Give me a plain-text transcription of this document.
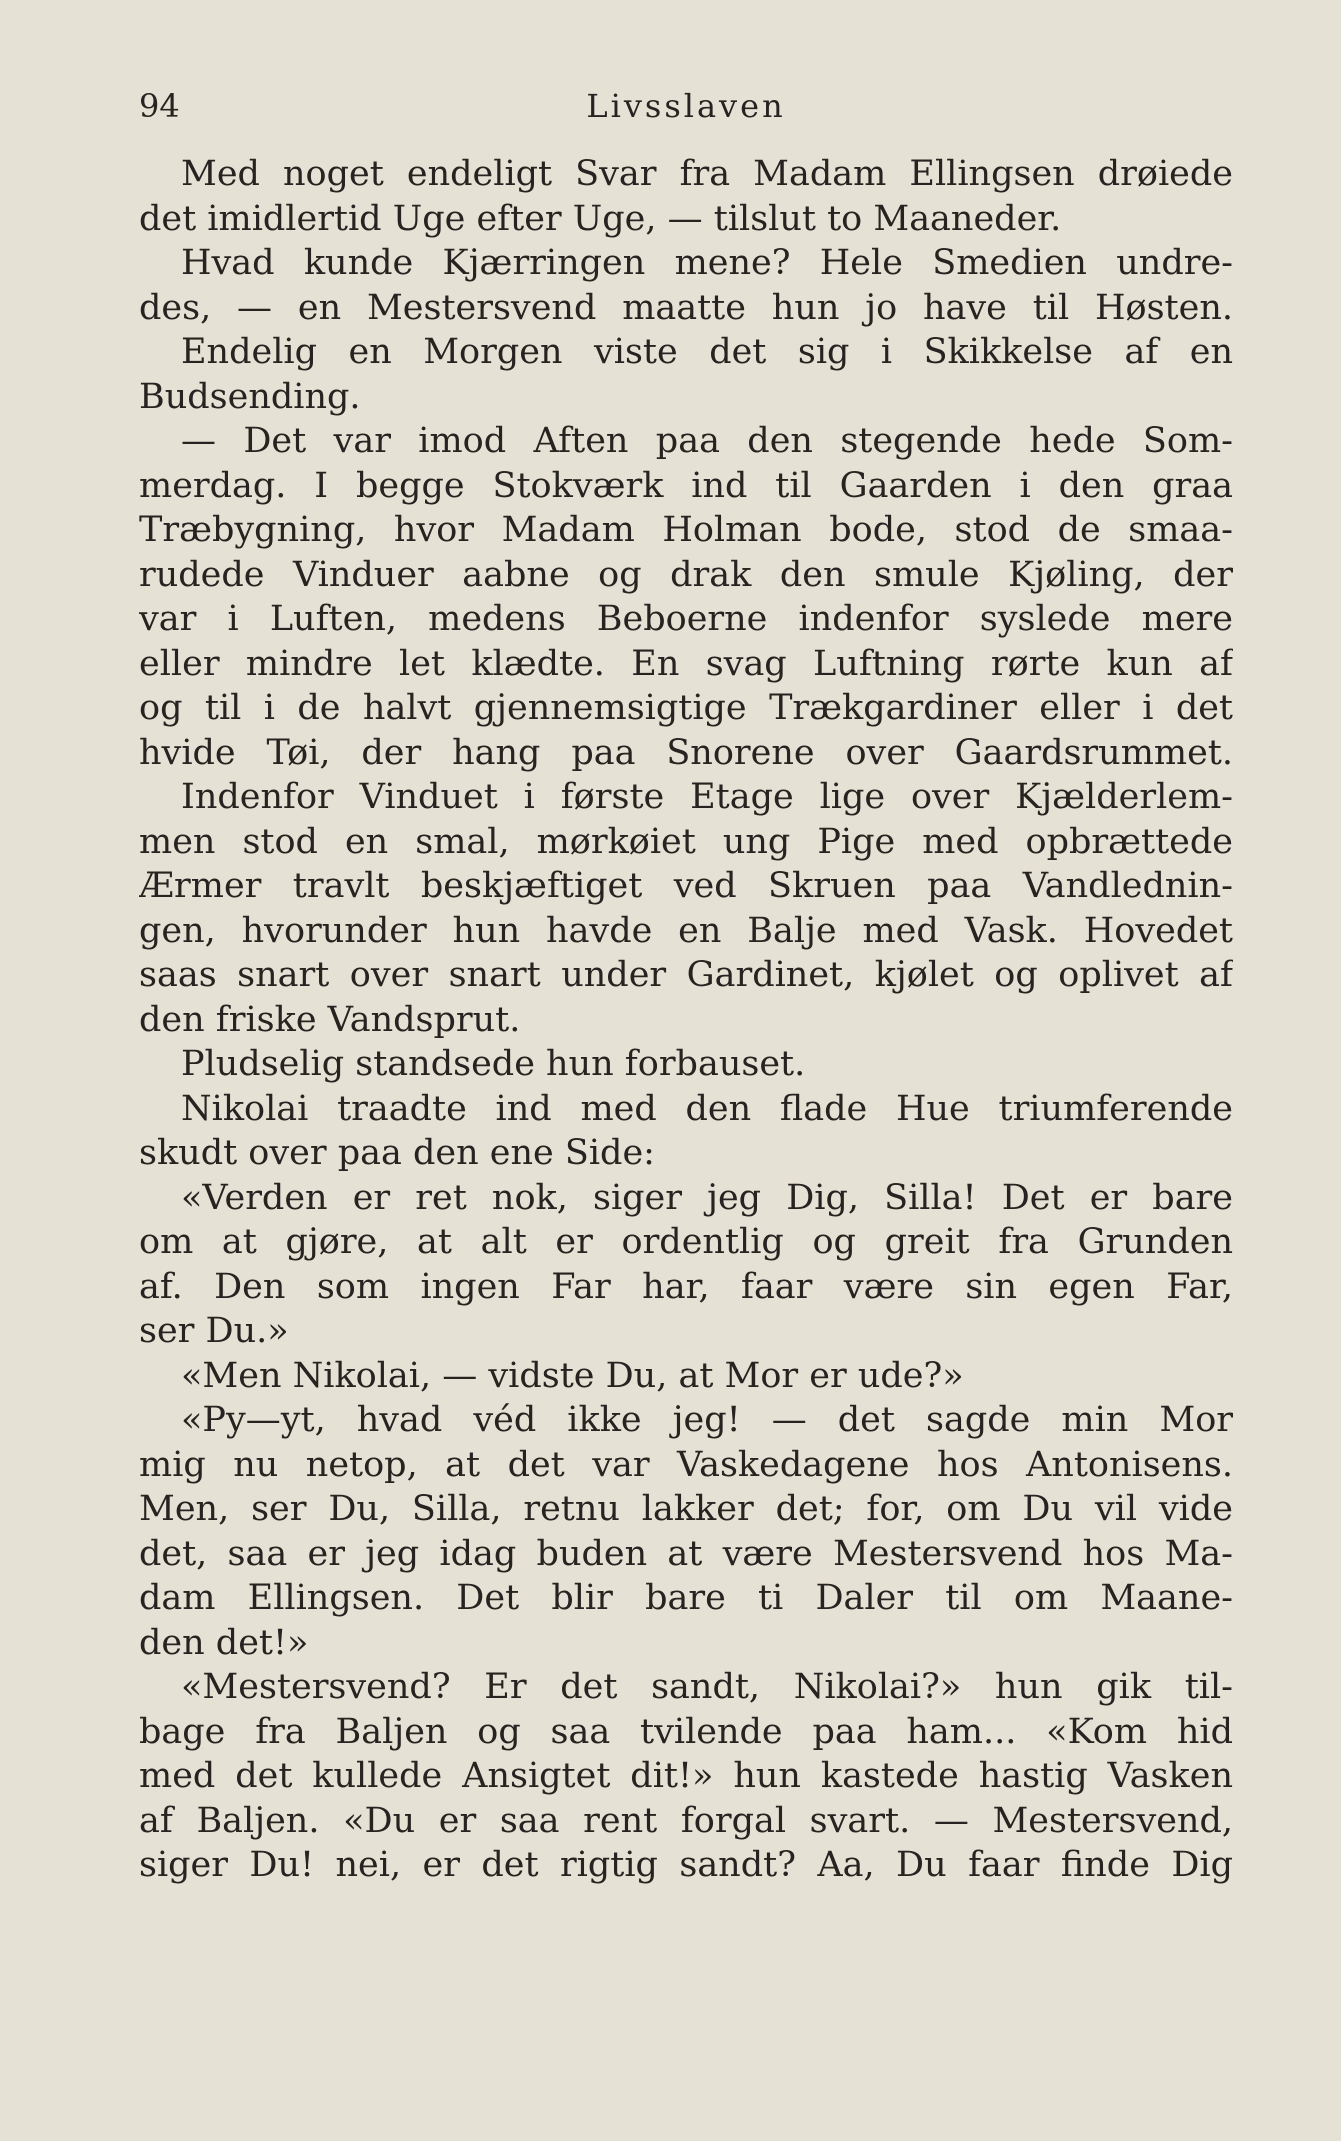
94	Livsslaven
Med noget endeligt Svar fra Madam Ellingsen drøiede
det imidlertid Uge efter Uge, — tilslut to Maaneder.
Hvad kunde Kjærringen mene? Hele Smedien undre-
des, — en Mestersvend maatte hun jo have til Høsten.
Endelig en Morgen viste det sig i Skikkelse af en
Budsending.
— Det var imod Aften paa den stegende hede Som-
merdag. I begge Stokværk ind til Gaarden i den graa
Træbygning, hvor Madam Holman bode, stod de smaa-
rudede Vinduer aabne og drak den smule Kjøling, der
var i Luften, medens Beboerne indenfor syslede mere
eller mindre let klædte. En svag Luftning rørte kun af
og til i de halvt gjennemsigtige Trækgardiner eller i det
hvide Tøi, der hang paa Snorene over Gaardsrummet.
Indenfor Vinduet i første Etage lige over Kjælderlem-
men stod en smal, mørkøiet ung Pige med opbrættede
Ærmer travlt beskjæftiget ved Skruen paa Vandlednin-
gen, hvorunder hun havde en Balje med Vask. Hovedet
saas snart over snart under Gardinet, kjølet og oplivet af
den friske Vandsprut.
Pludselig standsede hun forbauset.
Nikolai traadte ind med den flade Hue triumferende
skudt over paa den ene Side:
«Verden er ret nok, siger jeg Dig, Silla! Det er bare
om at gjøre, at alt er ordentlig og greit fra Grunden
af. Den som ingen Far har, faar være sin egen Far,
ser Du.»
«Men Nikolai, — vidste Du, at Mor er ude?»
«Py—yt, hvad véd ikke jeg! — det sagde min Mor
mig nu netop, at det var Vaskedagene hos Antonisens.
Men, ser Du, Silla, retnu lakker det; for, om Du vil vide
det, saa er jeg idag buden at være Mestersvend hos Ma-
dam Ellingsen. Det blir bare ti Daler til om Maane-
den det!»
«Mestersvend? Er det sandt, Nikolai?» hun gik til-
bage fra Baljen og saa tvilende paa ham... «Kom hid
med det kullede Ansigtet dit!» hun kastede hastig Vasken
af Baljen. «Du er saa rent forgal svart. — Mestersvend,
siger Du! nei, er det rigtig sandt? Aa, Du faar finde Dig
